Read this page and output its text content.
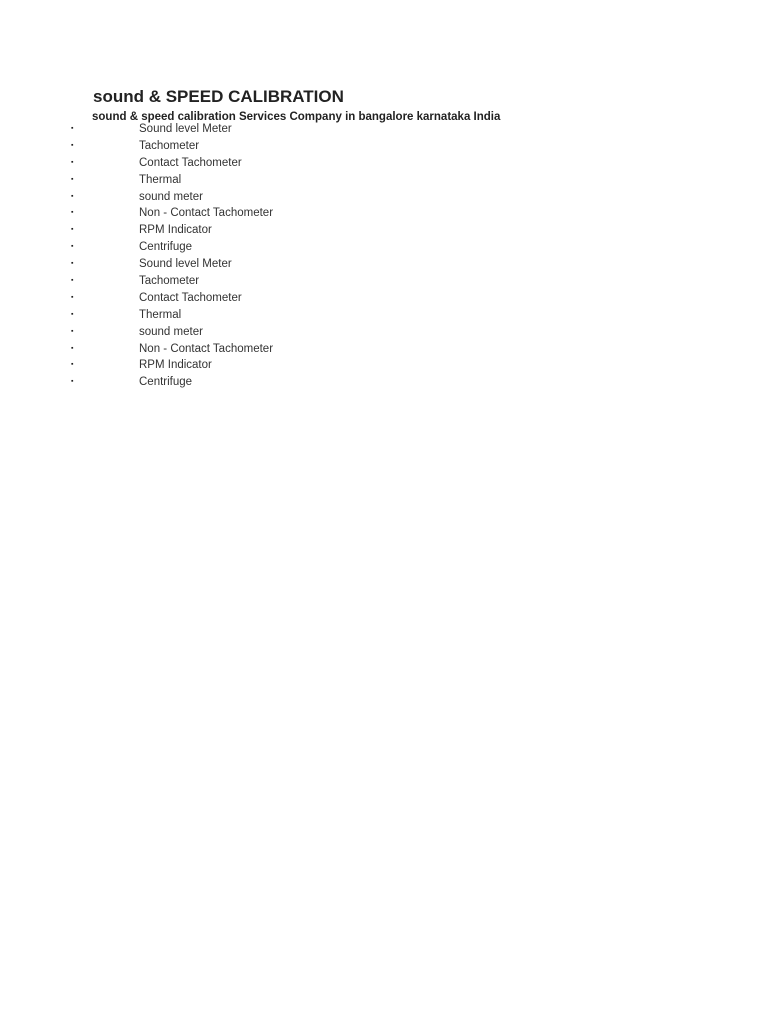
sound & SPEED CALIBRATION

sound & speed calibration Services Company in bangalore karnataka India

▪	Sound level Meter
▪	Tachometer
▪	Contact Tachometer
▪	Thermal
▪	sound meter
▪	Non - Contact Tachometer
▪	RPM Indicator
▪	Centrifuge
▪	Sound level Meter
▪	Tachometer
▪	Contact Tachometer
▪	Thermal
▪	sound meter
▪	Non - Contact Tachometer
▪	RPM Indicator
▪	Centrifuge
